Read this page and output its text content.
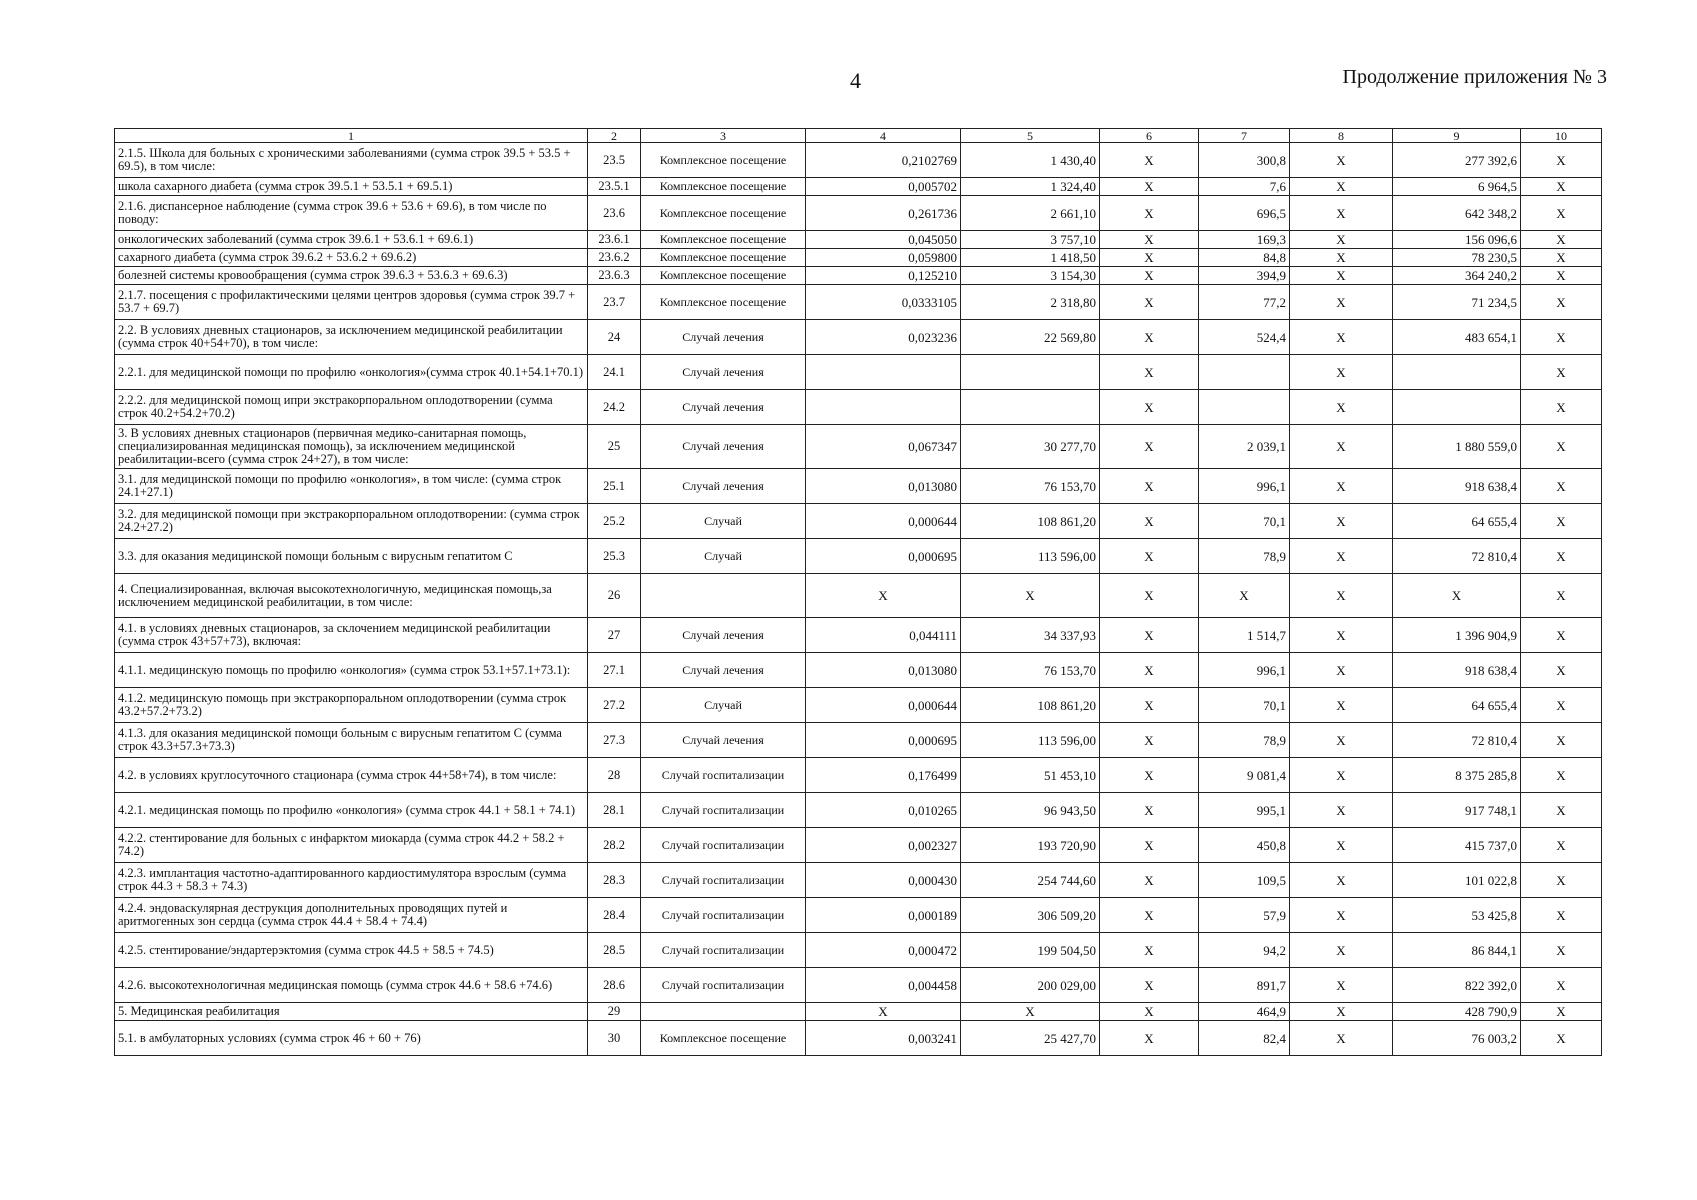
4	Продолжение приложения № 3
1	2	3	4	5	6	7	8	9	10
2.1.5. Школа для больных с хроническими заболеваниями (сумма строк 39.5 + 53.5 + 69.5), в том числе:	23.5	Комплексное посещение	0,2102769	1 430,40	X	300,8	X	277 392,6	X
школа сахарного диабета (сумма строк 39.5.1 + 53.5.1 + 69.5.1)	23.5.1	Комплексное посещение	0,005702	1 324,40	X	7,6	X	6 964,5	X
2.1.6. диспансерное наблюдение (сумма строк 39.6 + 53.6 + 69.6), в том числе по поводу:	23.6	Комплексное посещение	0,261736	2 661,10	X	696,5	X	642 348,2	X
онкологических заболеваний (сумма строк 39.6.1 + 53.6.1 + 69.6.1)	23.6.1	Комплексное посещение	0,045050	3 757,10	X	169,3	X	156 096,6	X
сахарного диабета (сумма строк 39.6.2 + 53.6.2 + 69.6.2)	23.6.2	Комплексное посещение	0,059800	1 418,50	X	84,8	X	78 230,5	X
болезней системы кровообращения (сумма строк 39.6.3 + 53.6.3 + 69.6.3)	23.6.3	Комплексное посещение	0,125210	3 154,30	X	394,9	X	364 240,2	X
2.1.7. посещения с профилактическими целями центров здоровья (сумма строк 39.7 + 53.7 + 69.7)	23.7	Комплексное посещение	0,0333105	2 318,80	X	77,2	X	71 234,5	X
2.2. В условиях дневных стационаров, за исключением медицинской реабилитации (сумма строк 40+54+70), в том числе:	24	Случай лечения	0,023236	22 569,80	X	524,4	X	483 654,1	X
2.2.1. для медицинской помощи по профилю «онкология»(сумма строк 40.1+54.1+70.1)	24.1	Случай лечения			X		X		X
2.2.2. для медицинской помощ ипри экстракорпоральном оплодотворении (сумма строк 40.2+54.2+70.2)	24.2	Случай лечения			X		X		X
3. В условиях дневных стационаров (первичная медико-санитарная помощь, специализированная медицинская помощь), за исключением медицинской реабилитации-всего (сумма строк 24+27), в том числе:	25	Случай лечения	0,067347	30 277,70	X	2 039,1	X	1 880 559,0	X
3.1. для медицинской помощи по профилю «онкология», в том числе: (сумма строк 24.1+27.1)	25.1	Случай лечения	0,013080	76 153,70	X	996,1	X	918 638,4	X
3.2. для медицинской помощи при экстракорпоральном оплодотворении: (сумма строк 24.2+27.2)	25.2	Случай	0,000644	108 861,20	X	70,1	X	64 655,4	X
3.3. для оказания медицинской помощи больным с вирусным гепатитом С	25.3	Случай	0,000695	113 596,00	X	78,9	X	72 810,4	X
4. Специализированная, включая высокотехнологичную, медицинская помощь,за исключением медицинской реабилитации, в том числе:	26		X	X	X	X	X	X	X
4.1. в условиях дневных стационаров, за склочением медицинской реабилитации (сумма строк 43+57+73), включая:	27	Случай лечения	0,044111	34 337,93	X	1 514,7	X	1 396 904,9	X
4.1.1. медицинскую помощь по профилю «онкология» (сумма строк 53.1+57.1+73.1):	27.1	Случай лечения	0,013080	76 153,70	X	996,1	X	918 638,4	X
4.1.2. медицинскую помощь при экстракорпоральном оплодотворении (сумма строк 43.2+57.2+73.2)	27.2	Случай	0,000644	108 861,20	X	70,1	X	64 655,4	X
4.1.3. для оказания медицинской помощи больным с вирусным гепатитом С (сумма строк 43.3+57.3+73.3)	27.3	Случай лечения	0,000695	113 596,00	X	78,9	X	72 810,4	X
4.2. в условиях круглосуточного стационара (сумма строк 44+58+74), в том числе:	28	Случай госпитализации	0,176499	51 453,10	X	9 081,4	X	8 375 285,8	X
4.2.1. медицинская помощь по профилю «онкология» (сумма строк 44.1 + 58.1 + 74.1)	28.1	Случай госпитализации	0,010265	96 943,50	X	995,1	X	917 748,1	X
4.2.2. стентирование для больных с инфарктом миокарда (сумма строк 44.2 + 58.2 + 74.2)	28.2	Случай госпитализации	0,002327	193 720,90	X	450,8	X	415 737,0	X
4.2.3. имплантация частотно-адаптированного кардиостимулятора взрослым (сумма строк 44.3 + 58.3 + 74.3)	28.3	Случай госпитализации	0,000430	254 744,60	X	109,5	X	101 022,8	X
4.2.4. эндоваскулярная деструкция дополнительных проводящих путей и аритмогенных зон сердца (сумма строк 44.4 + 58.4 + 74.4)	28.4	Случай госпитализации	0,000189	306 509,20	X	57,9	X	53 425,8	X
4.2.5. стентирование/эндартерэктомия (сумма строк 44.5 + 58.5 + 74.5)	28.5	Случай госпитализации	0,000472	199 504,50	X	94,2	X	86 844,1	X
4.2.6. высокотехнологичная медицинская помощь (сумма строк 44.6 + 58.6 +74.6)	28.6	Случай госпитализации	0,004458	200 029,00	X	891,7	X	822 392,0	X
5. Медицинская реабилитация	29		X	X	X	464,9	X	428 790,9	X
5.1. в амбулаторных условиях (сумма строк 46 + 60 + 76)	30	Комплексное посещение	0,003241	25 427,70	X	82,4	X	76 003,2	X
